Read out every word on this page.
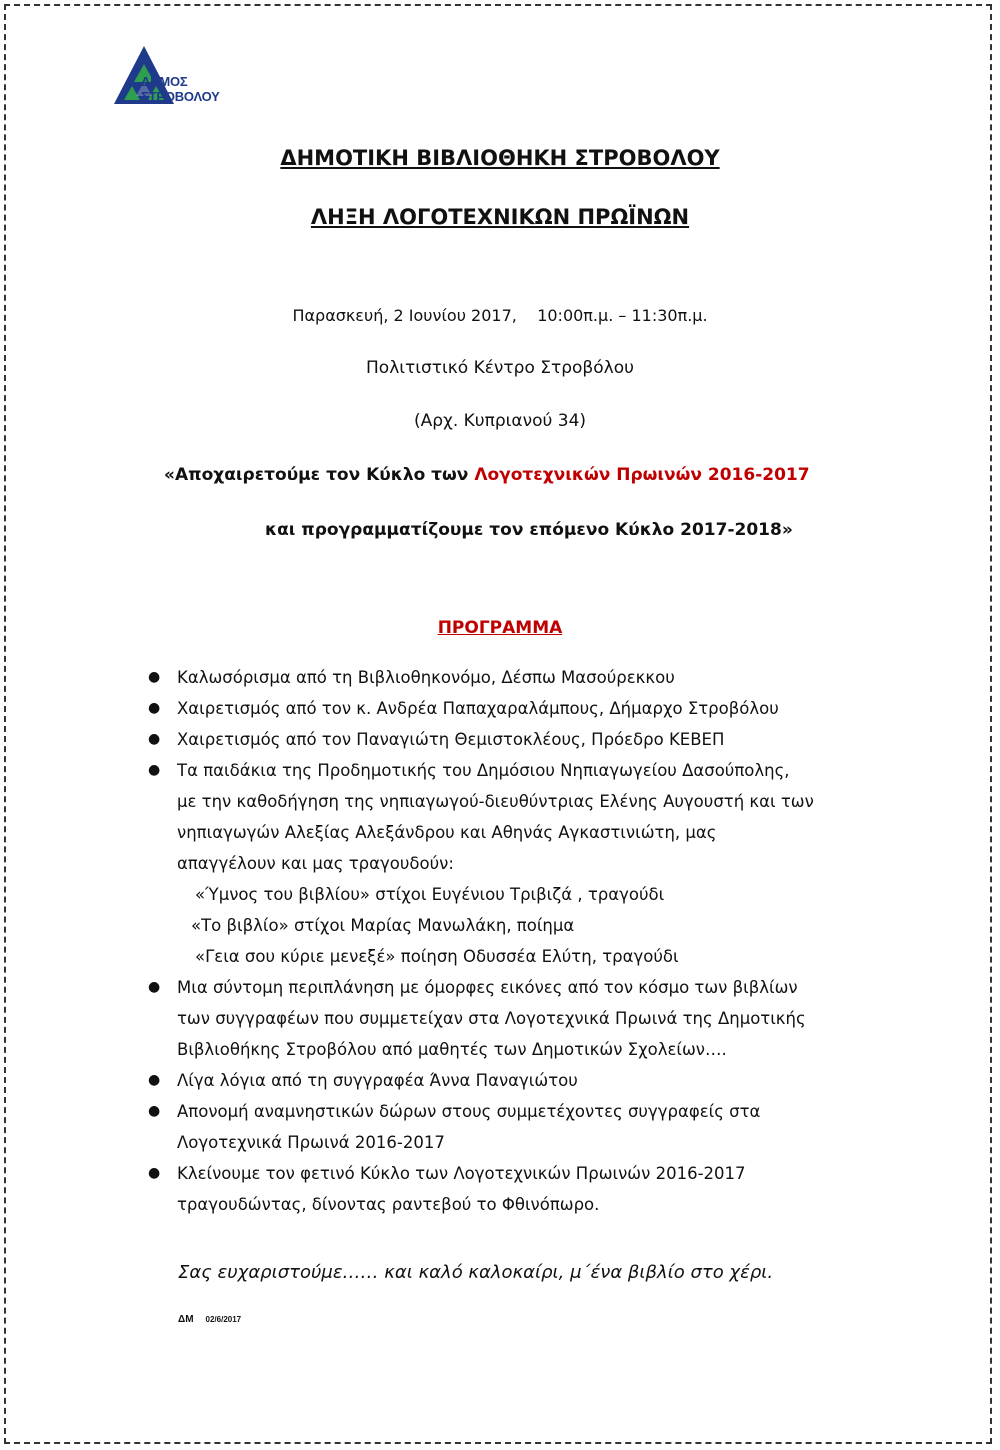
ΔΗΜΟΣ
ΣΤΡΟΒΟΛΟΥ
ΔΗΜΟΤΙΚΗ ΒΙΒΛΙΟΘΗΚΗ ΣΤΡΟΒΟΛΟΥ
ΛΗΞΗ ΛΟΓΟΤΕΧΝΙΚΩΝ ΠΡΩΪΝΩΝ
Παρασκευή, 2 Ιουνίου 2017,    10:00π.μ. – 11:30π.μ.
Πολιτιστικό Κέντρο Στροβόλου
(Αρχ. Κυπριανού 34)
«Αποχαιρετούμε τον Κύκλο των Λογοτεχνικών Πρωινών 2016-2017
και προγραμματίζουμε τον επόμενο Κύκλο 2017-2018»
ΠΡΟΓΡΑΜΜΑ
● Καλωσόρισμα από τη Βιβλιοθηκονόμο, Δέσπω Μασούρεκκου
● Χαιρετισμός από τον κ. Ανδρέα Παπαχαραλάμπους, Δήμαρχο Στροβόλου
● Χαιρετισμός από τον Παναγιώτη Θεμιστοκλέους, Πρόεδρο ΚΕΒΕΠ
● Τα παιδάκια της Προδημοτικής του Δημόσιου Νηπιαγωγείου Δασούπολης,
με την καθοδήγηση της νηπιαγωγού-διευθύντριας Ελένης Αυγουστή και των
νηπιαγωγών Αλεξίας Αλεξάνδρου και Αθηνάς Αγκαστινιώτη, μας
απαγγέλουν και μας τραγουδούν:
«Ύμνος του βιβλίου» στίχοι Ευγένιου Τριβιζά , τραγούδι
«Το βιβλίο» στίχοι Μαρίας Μανωλάκη, ποίημα
«Γεια σου κύριε μενεξέ» ποίηση Οδυσσέα Ελύτη, τραγούδι
● Μια σύντομη περιπλάνηση με όμορφες εικόνες από τον κόσμο των βιβλίων
των συγγραφέων που συμμετείχαν στα Λογοτεχνικά Πρωινά της Δημοτικής
Βιβλιοθήκης Στροβόλου από μαθητές των Δημοτικών Σχολείων….
● Λίγα λόγια από τη συγγραφέα Άννα Παναγιώτου
● Απονομή αναμνηστικών δώρων στους συμμετέχοντες συγγραφείς στα
Λογοτεχνικά Πρωινά 2016-2017
● Κλείνουμε τον φετινό Κύκλο των Λογοτεχνικών Πρωινών 2016-2017
τραγουδώντας, δίνοντας ραντεβού το Φθινόπωρο.
Σας ευχαριστούμε…… και καλό καλοκαίρι, μ΄ένα βιβλίο στο χέρι.
ΔΜ 02/6/2017
